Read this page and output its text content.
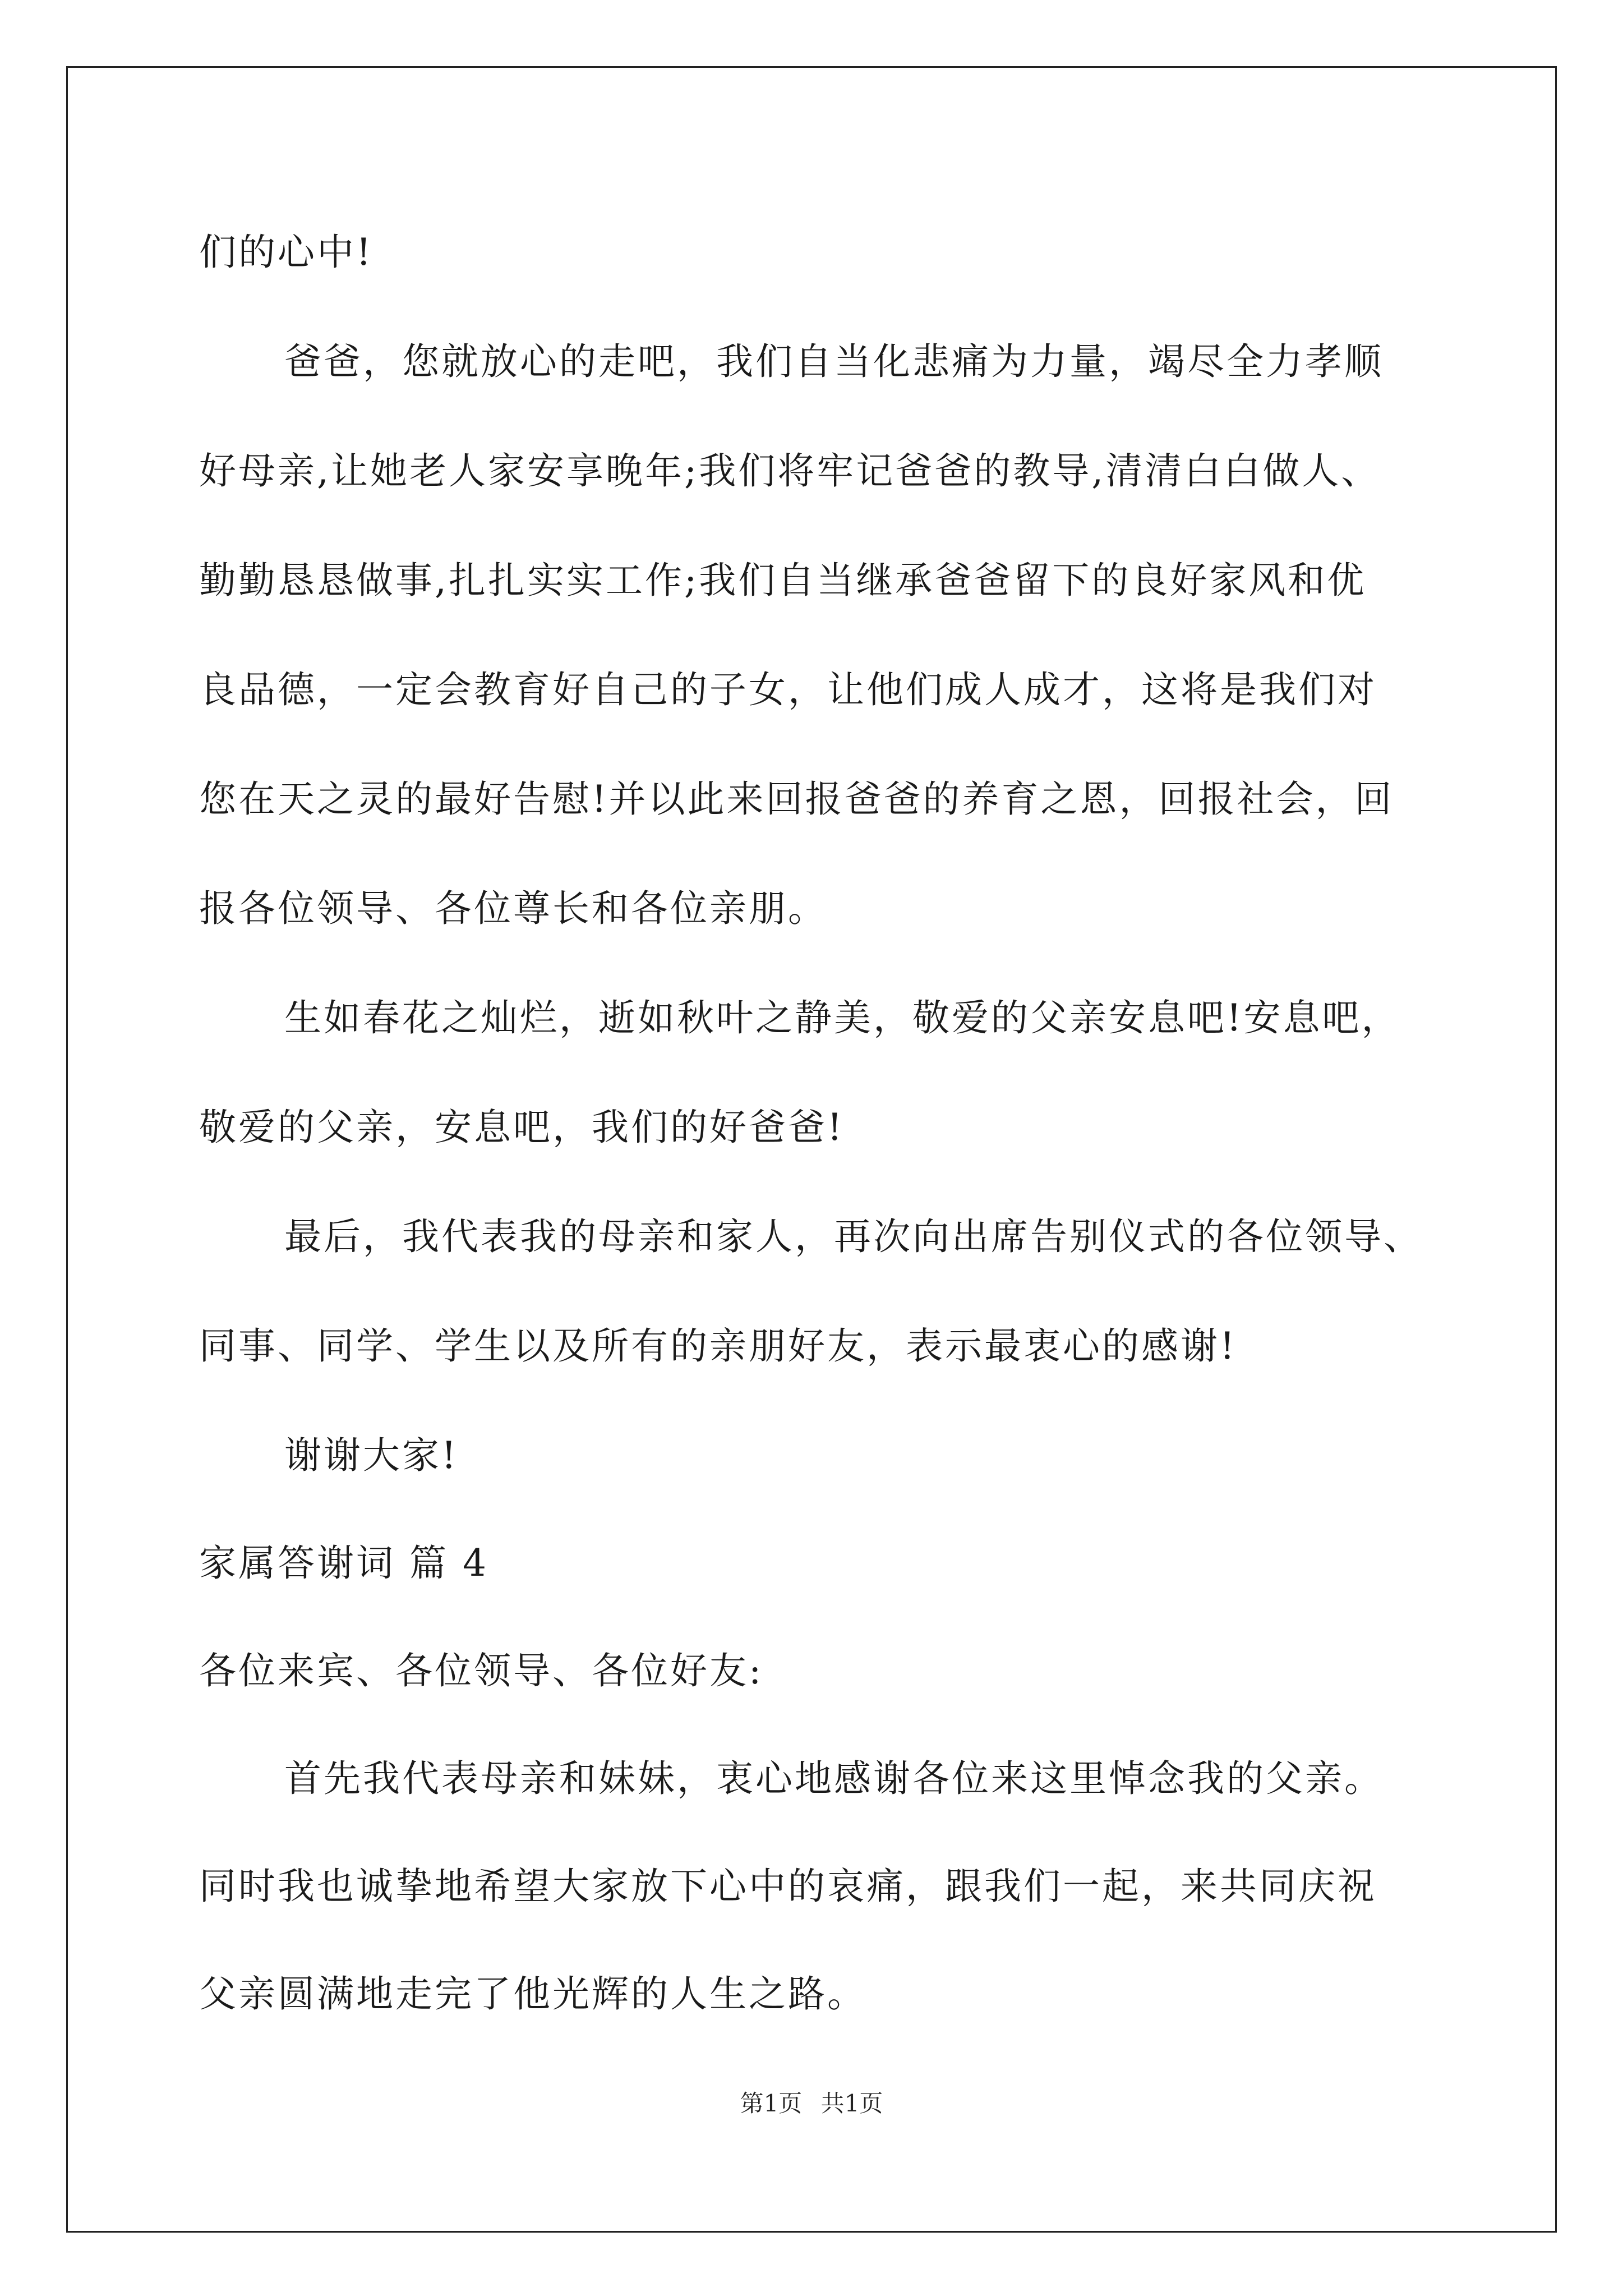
们的心中!
爸爸，您就放心的走吧，我们自当化悲痛为力量，竭尽全力孝顺
好母亲,让她老人家安享晚年;我们将牢记爸爸的教导,清清白白做人、
勤勤恳恳做事,扎扎实实工作;我们自当继承爸爸留下的良好家风和优
良品德，一定会教育好自己的子女，让他们成人成才，这将是我们对
您在天之灵的最好告慰!并以此来回报爸爸的养育之恩，回报社会，回
报各位领导、各位尊长和各位亲朋。
生如春花之灿烂，逝如秋叶之静美，敬爱的父亲安息吧!安息吧，
敬爱的父亲，安息吧，我们的好爸爸!
最后，我代表我的母亲和家人，再次向出席告别仪式的各位领导、
同事、同学、学生以及所有的亲朋好友，表示最衷心的感谢!
谢谢大家!
家属答谢词 篇 4
各位来宾、各位领导、各位好友:
首先我代表母亲和妹妹，衷心地感谢各位来这里悼念我的父亲。
同时我也诚挚地希望大家放下心中的哀痛，跟我们一起，来共同庆祝
父亲圆满地走完了他光辉的人生之路。
第1页 共1页
